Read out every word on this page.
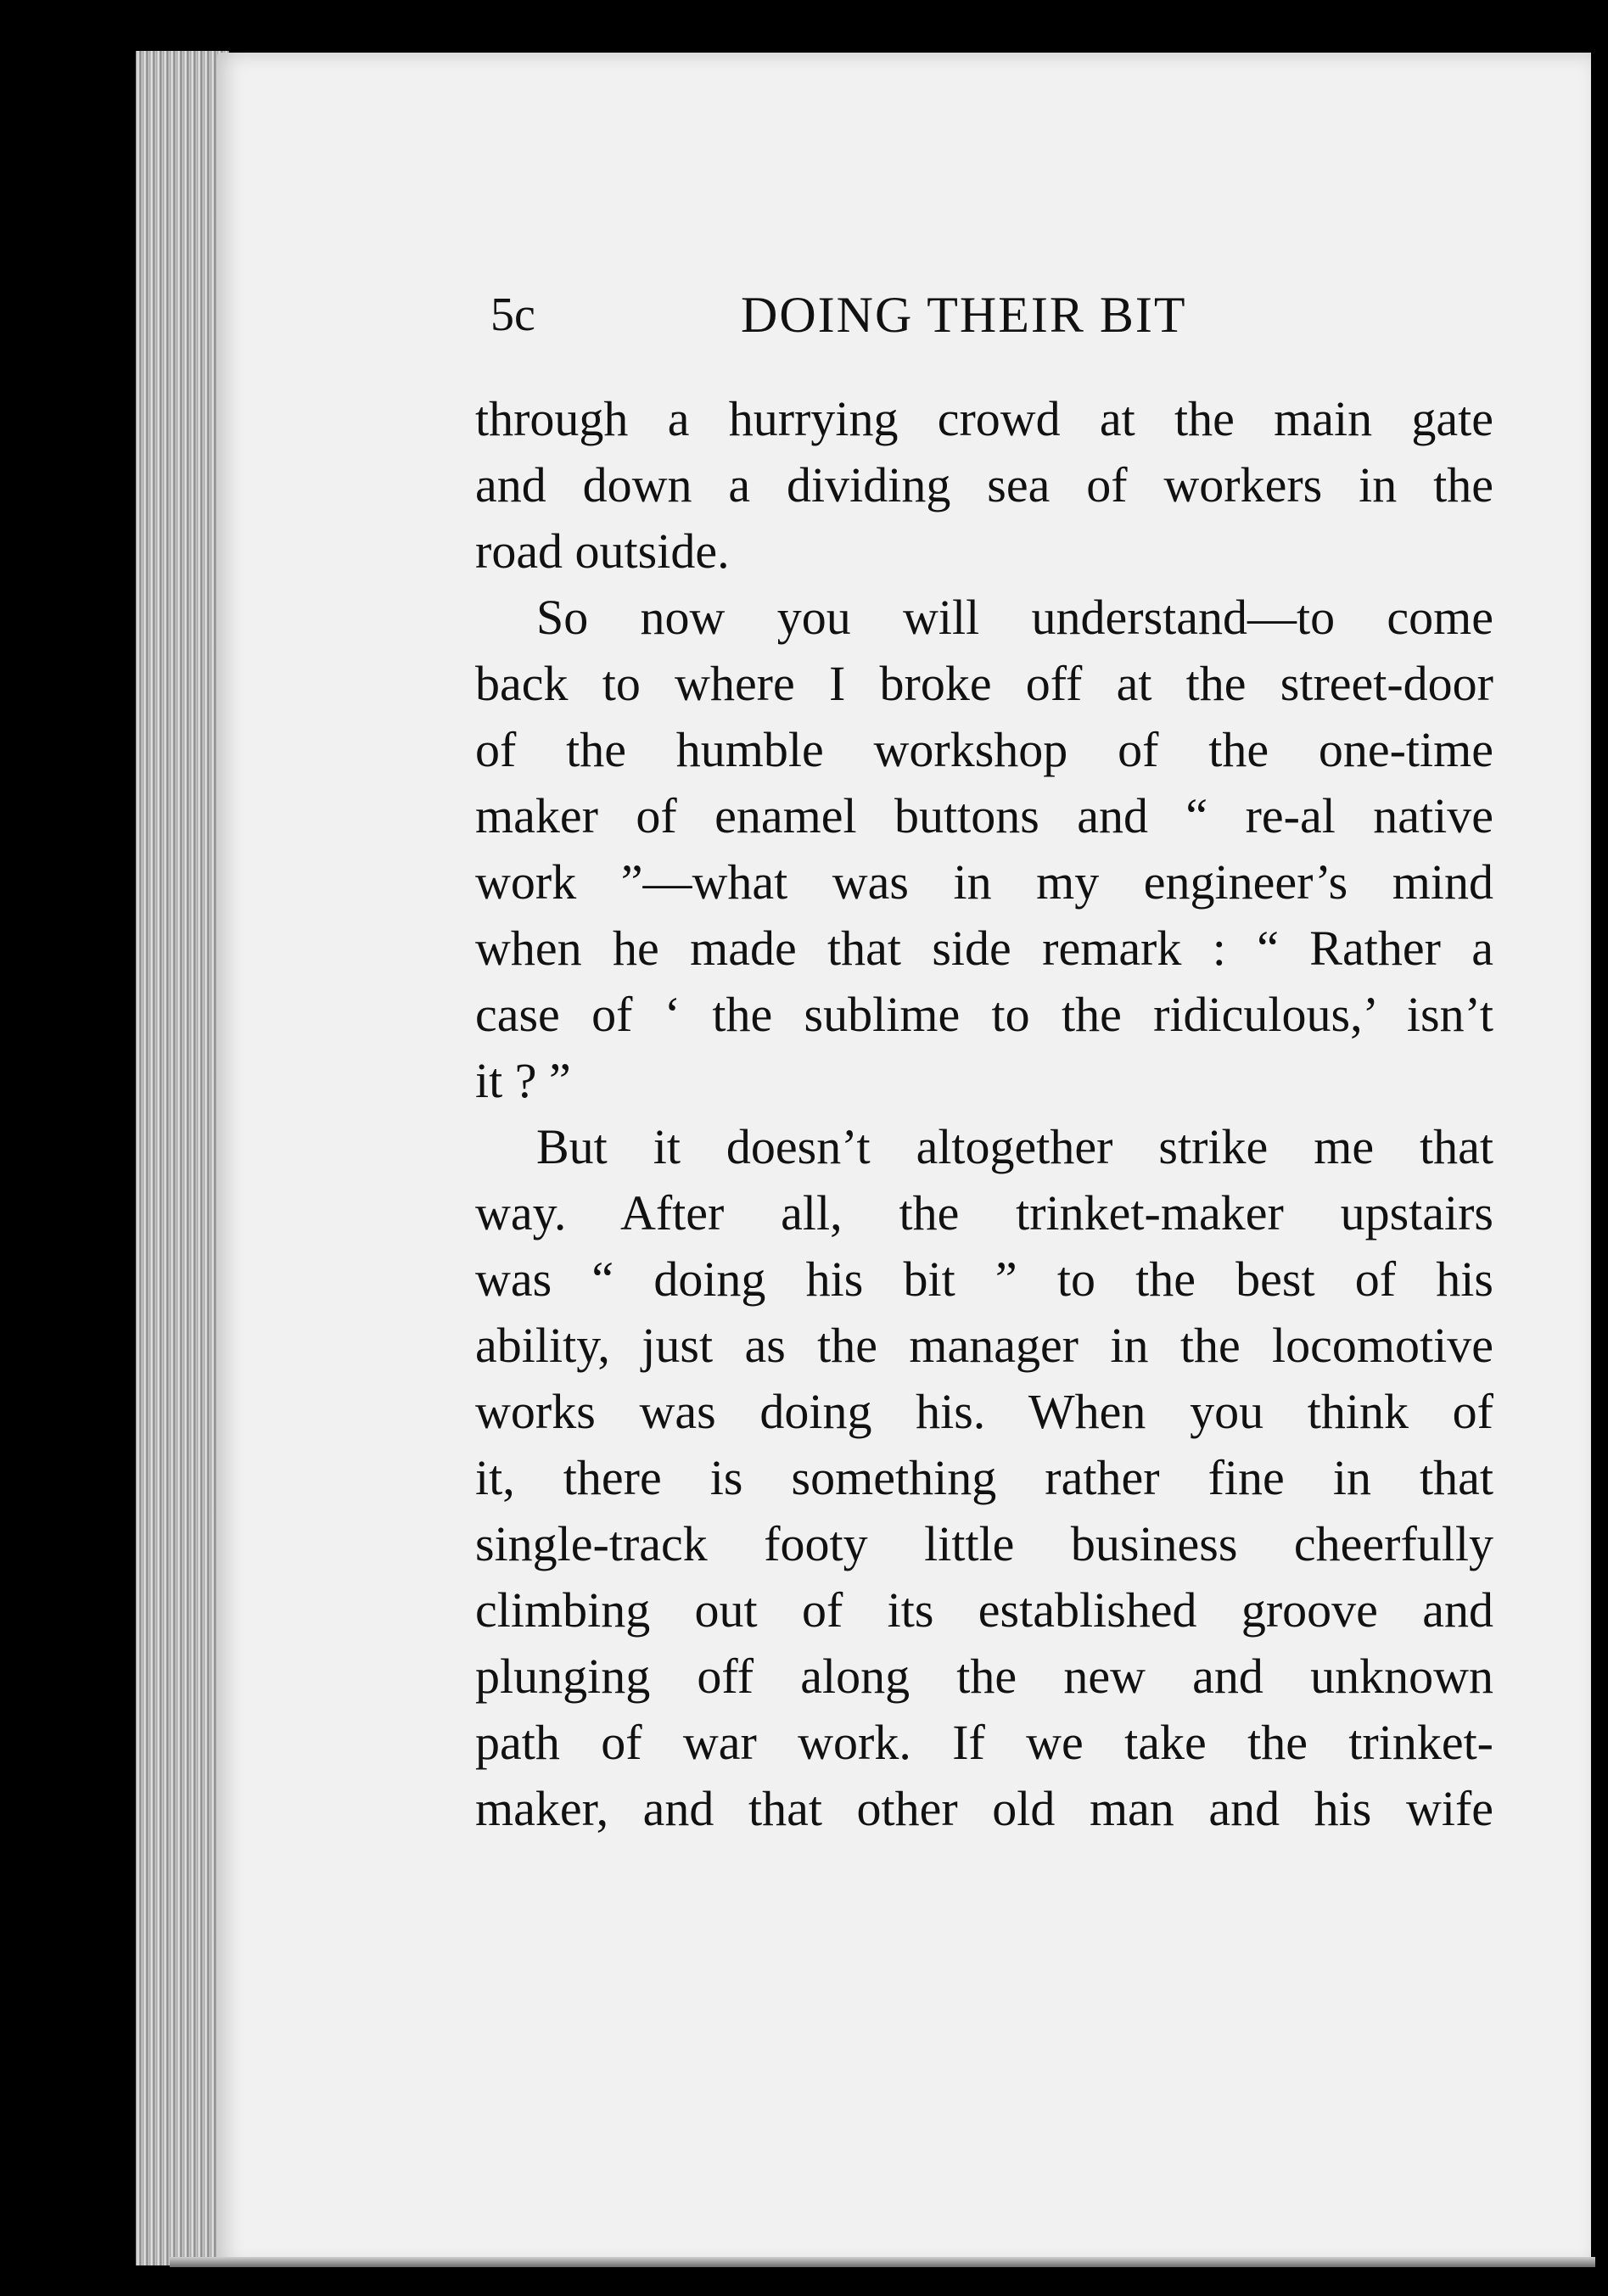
5c	DOING THEIR BIT

through a hurrying crowd at the main gate
and down a dividing sea of workers in the
road outside.

So now you will understand—to come
back to where I broke off at the street-door
of the humble workshop of the one-time
maker of enamel buttons and “ re-al native
work ”—what was in my engineer’s mind
when he made that side remark : “ Rather a
case of ‘ the sublime to the ridiculous,’ isn’t
it ? ”

But it doesn’t altogether strike me that
way. After all, the trinket-maker upstairs
was “ doing his bit ” to the best of his
ability, just as the manager in the locomotive
works was doing his. When you think of
it, there is something rather fine in that
single-track footy little business cheerfully
climbing out of its established groove and
plunging off along the new and unknown
path of war work. If we take the trinket-
maker, and that other old man and his wife
